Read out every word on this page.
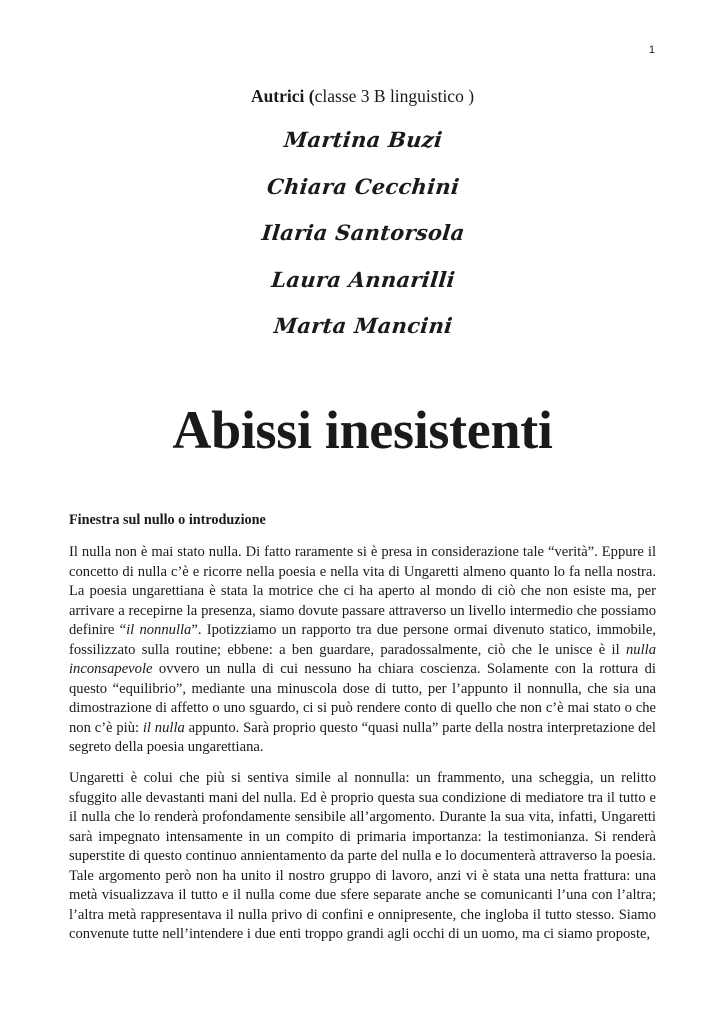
1
Autrici (classe 3 B linguistico )
Martina Buzi
Chiara Cecchini
Ilaria Santorsola
Laura Annarilli
Marta Mancini
Abissi inesistenti
Finestra sul nullo o introduzione

Il nulla non è mai stato nulla. Di fatto raramente si è presa in considerazione tale “verità”. Eppure il concetto di nulla c’è e ricorre nella poesia e nella vita di Ungaretti almeno quanto lo fa nella nostra. La poesia ungarettiana è stata la motrice che ci ha aperto al mondo di ciò che non esiste ma, per arrivare a recepirne la presenza, siamo dovute passare attraverso un livello intermedio che possiamo definire “il nonnulla”. Ipotizziamo un rapporto tra due persone ormai divenuto statico, immobile, fossilizzato sulla routine; ebbene: a ben guardare, paradossalmente, ciò che le unisce è il nulla inconsapevole ovvero un nulla di cui nessuno ha chiara coscienza. Solamente con la rottura di questo “equilibrio”, mediante una minuscola dose di tutto, per l’appunto il nonnulla, che sia una dimostrazione di affetto o uno sguardo, ci si può rendere conto di quello che non c’è mai stato o che non c’è più: il nulla appunto. Sarà proprio questo “quasi nulla” parte della nostra interpretazione del segreto della poesia ungarettiana.

Ungaretti è colui che più si sentiva simile al nonnulla: un frammento, una scheggia, un relitto sfuggito alle devastanti mani del nulla. Ed è proprio questa sua condizione di mediatore tra il tutto e il nulla che lo renderà profondamente sensibile all’argomento. Durante la sua vita, infatti, Ungaretti sarà impegnato intensamente in un compito di primaria importanza: la testimonianza. Si renderà superstite di questo continuo annientamento da parte del nulla e lo documenterà attraverso la poesia. Tale argomento però non ha unito il nostro gruppo di lavoro, anzi vi è stata una netta frattura: una metà visualizzava il tutto e il nulla come due sfere separate anche se comunicanti l’una con l’altra; l’altra metà rappresentava il nulla privo di confini e onnipresente, che ingloba il tutto stesso. Siamo convenute tutte nell’intendere i due enti troppo grandi agli occhi di un uomo, ma ci siamo proposte,
